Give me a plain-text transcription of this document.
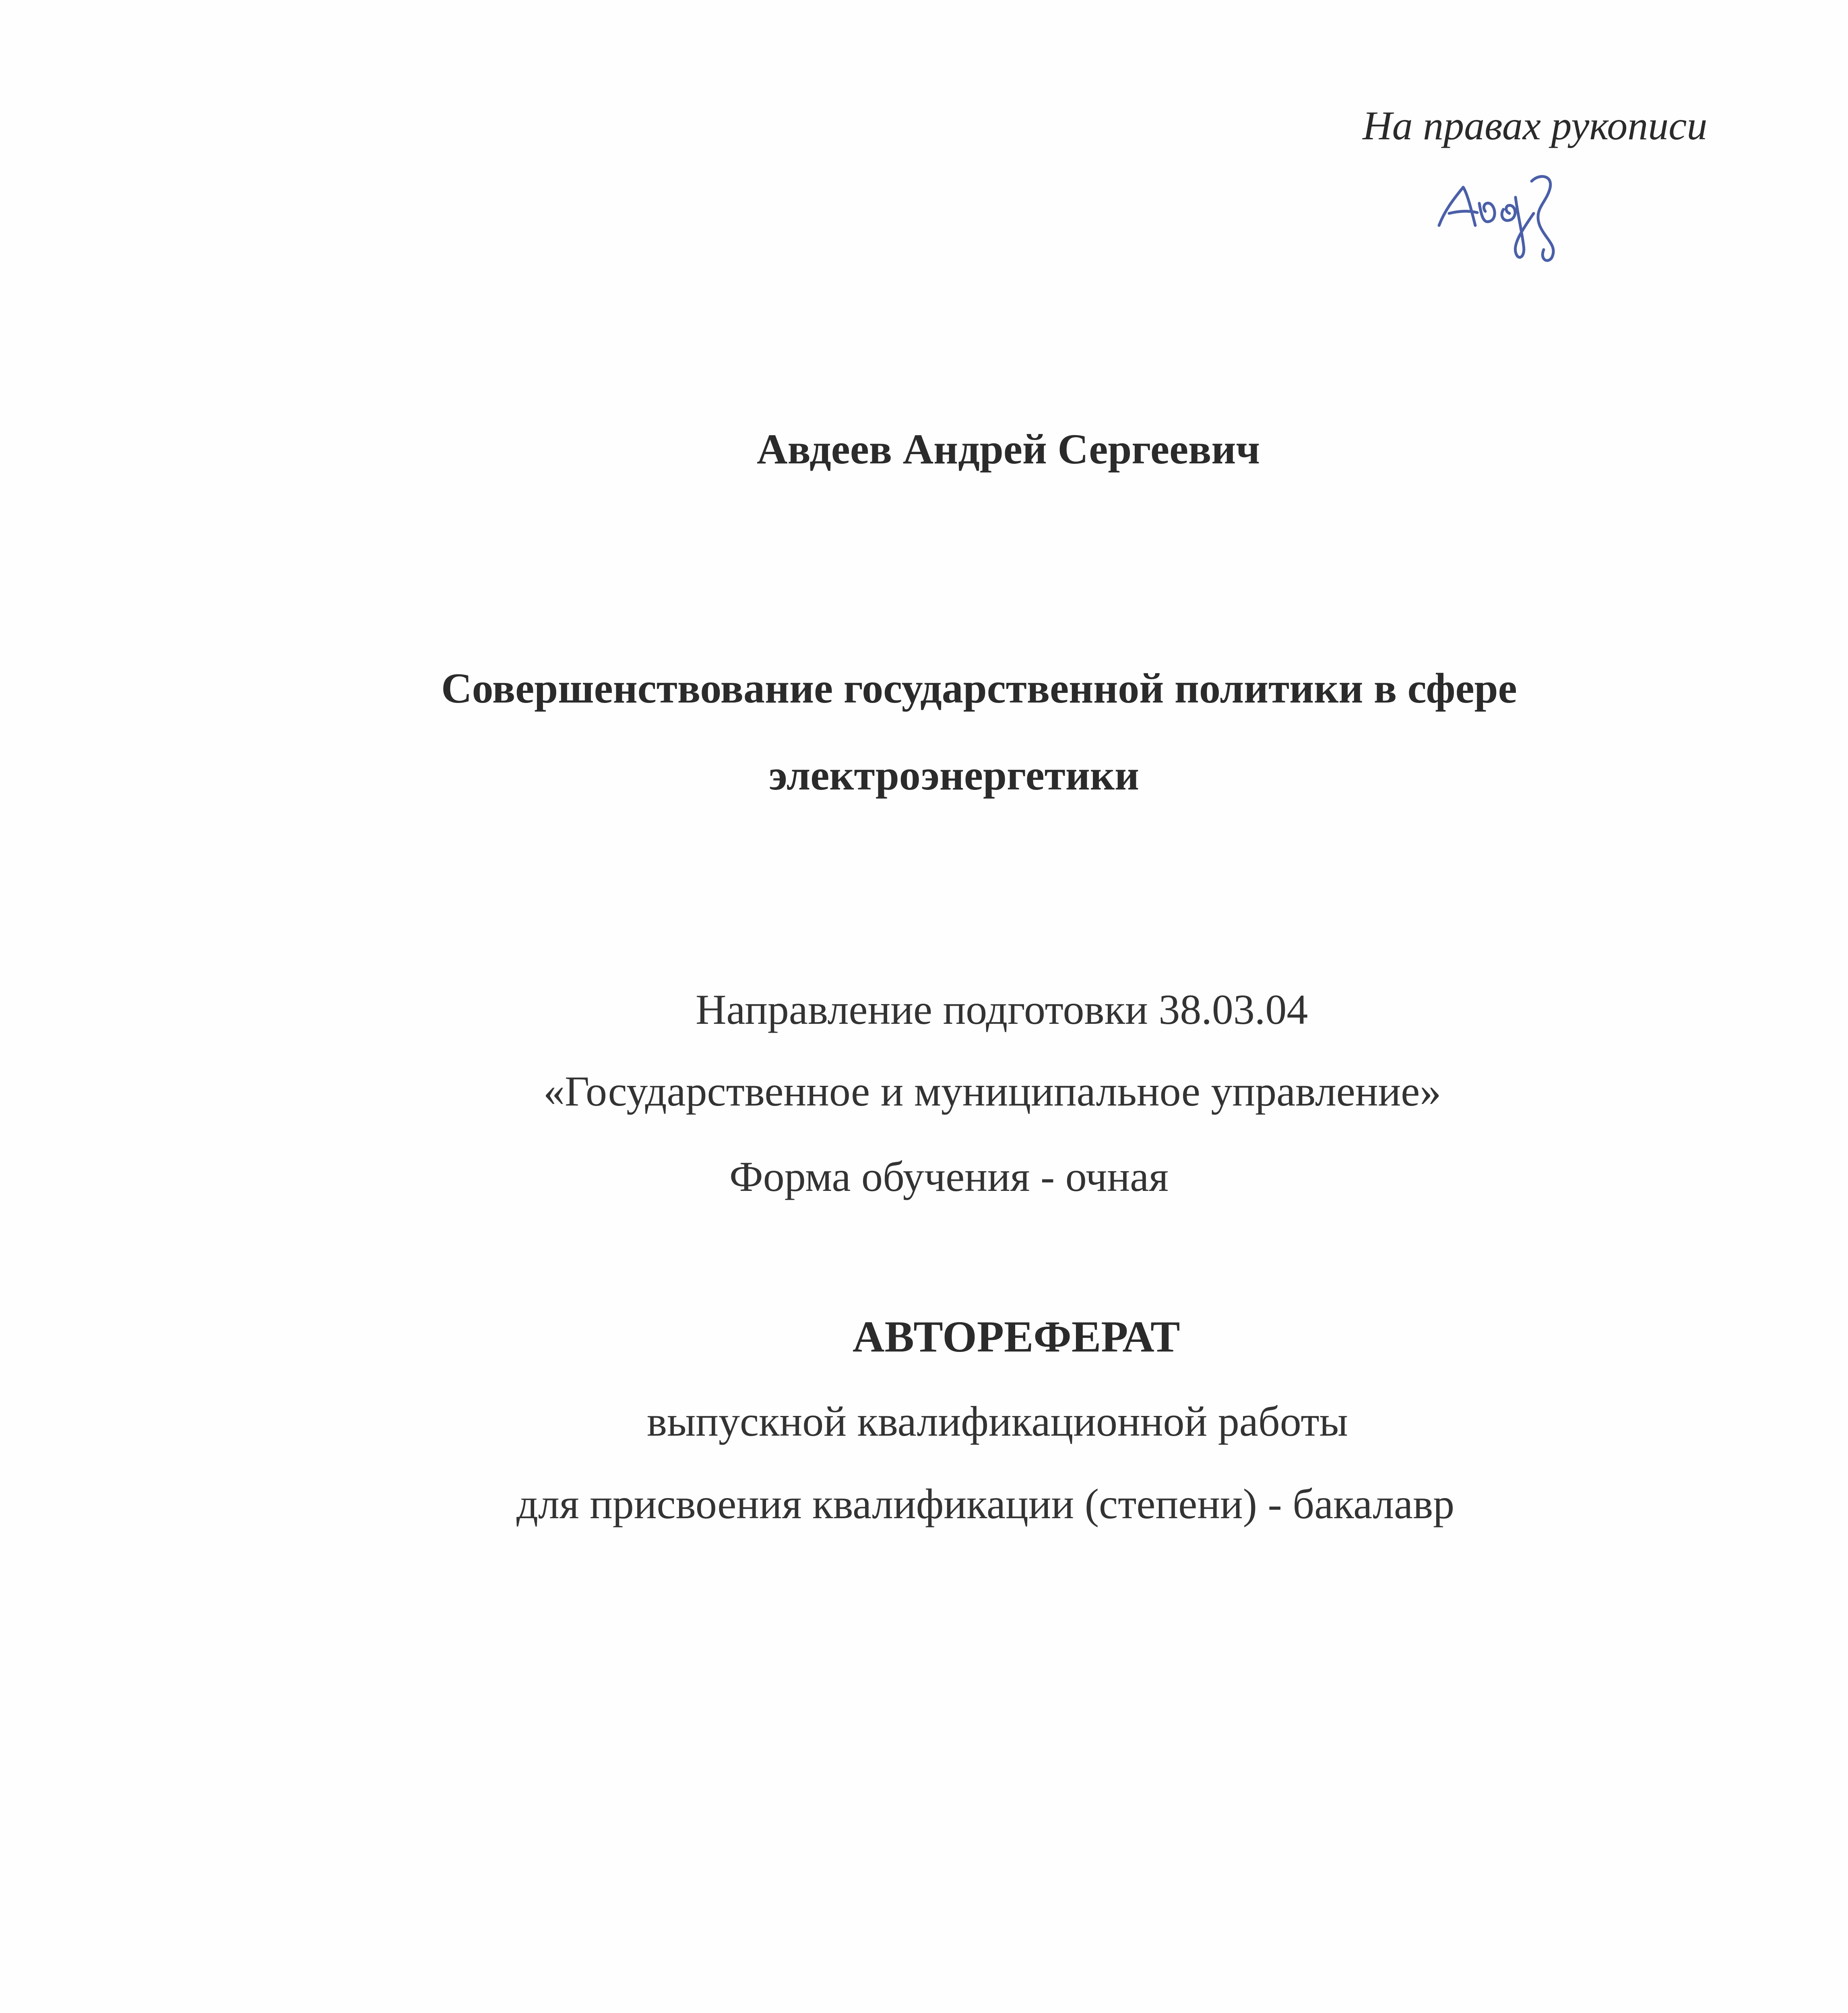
На правах рукописи
Авдеев Андрей Сергеевич
Совершенствование государственной политики в сфере
электроэнергетики
Направление подготовки 38.03.04
«Государственное и муниципальное управление»
Форма обучения - очная
АВТОРЕФЕРАТ
выпускной квалификационной работы
для присвоения квалификации (степени) - бакалавр
